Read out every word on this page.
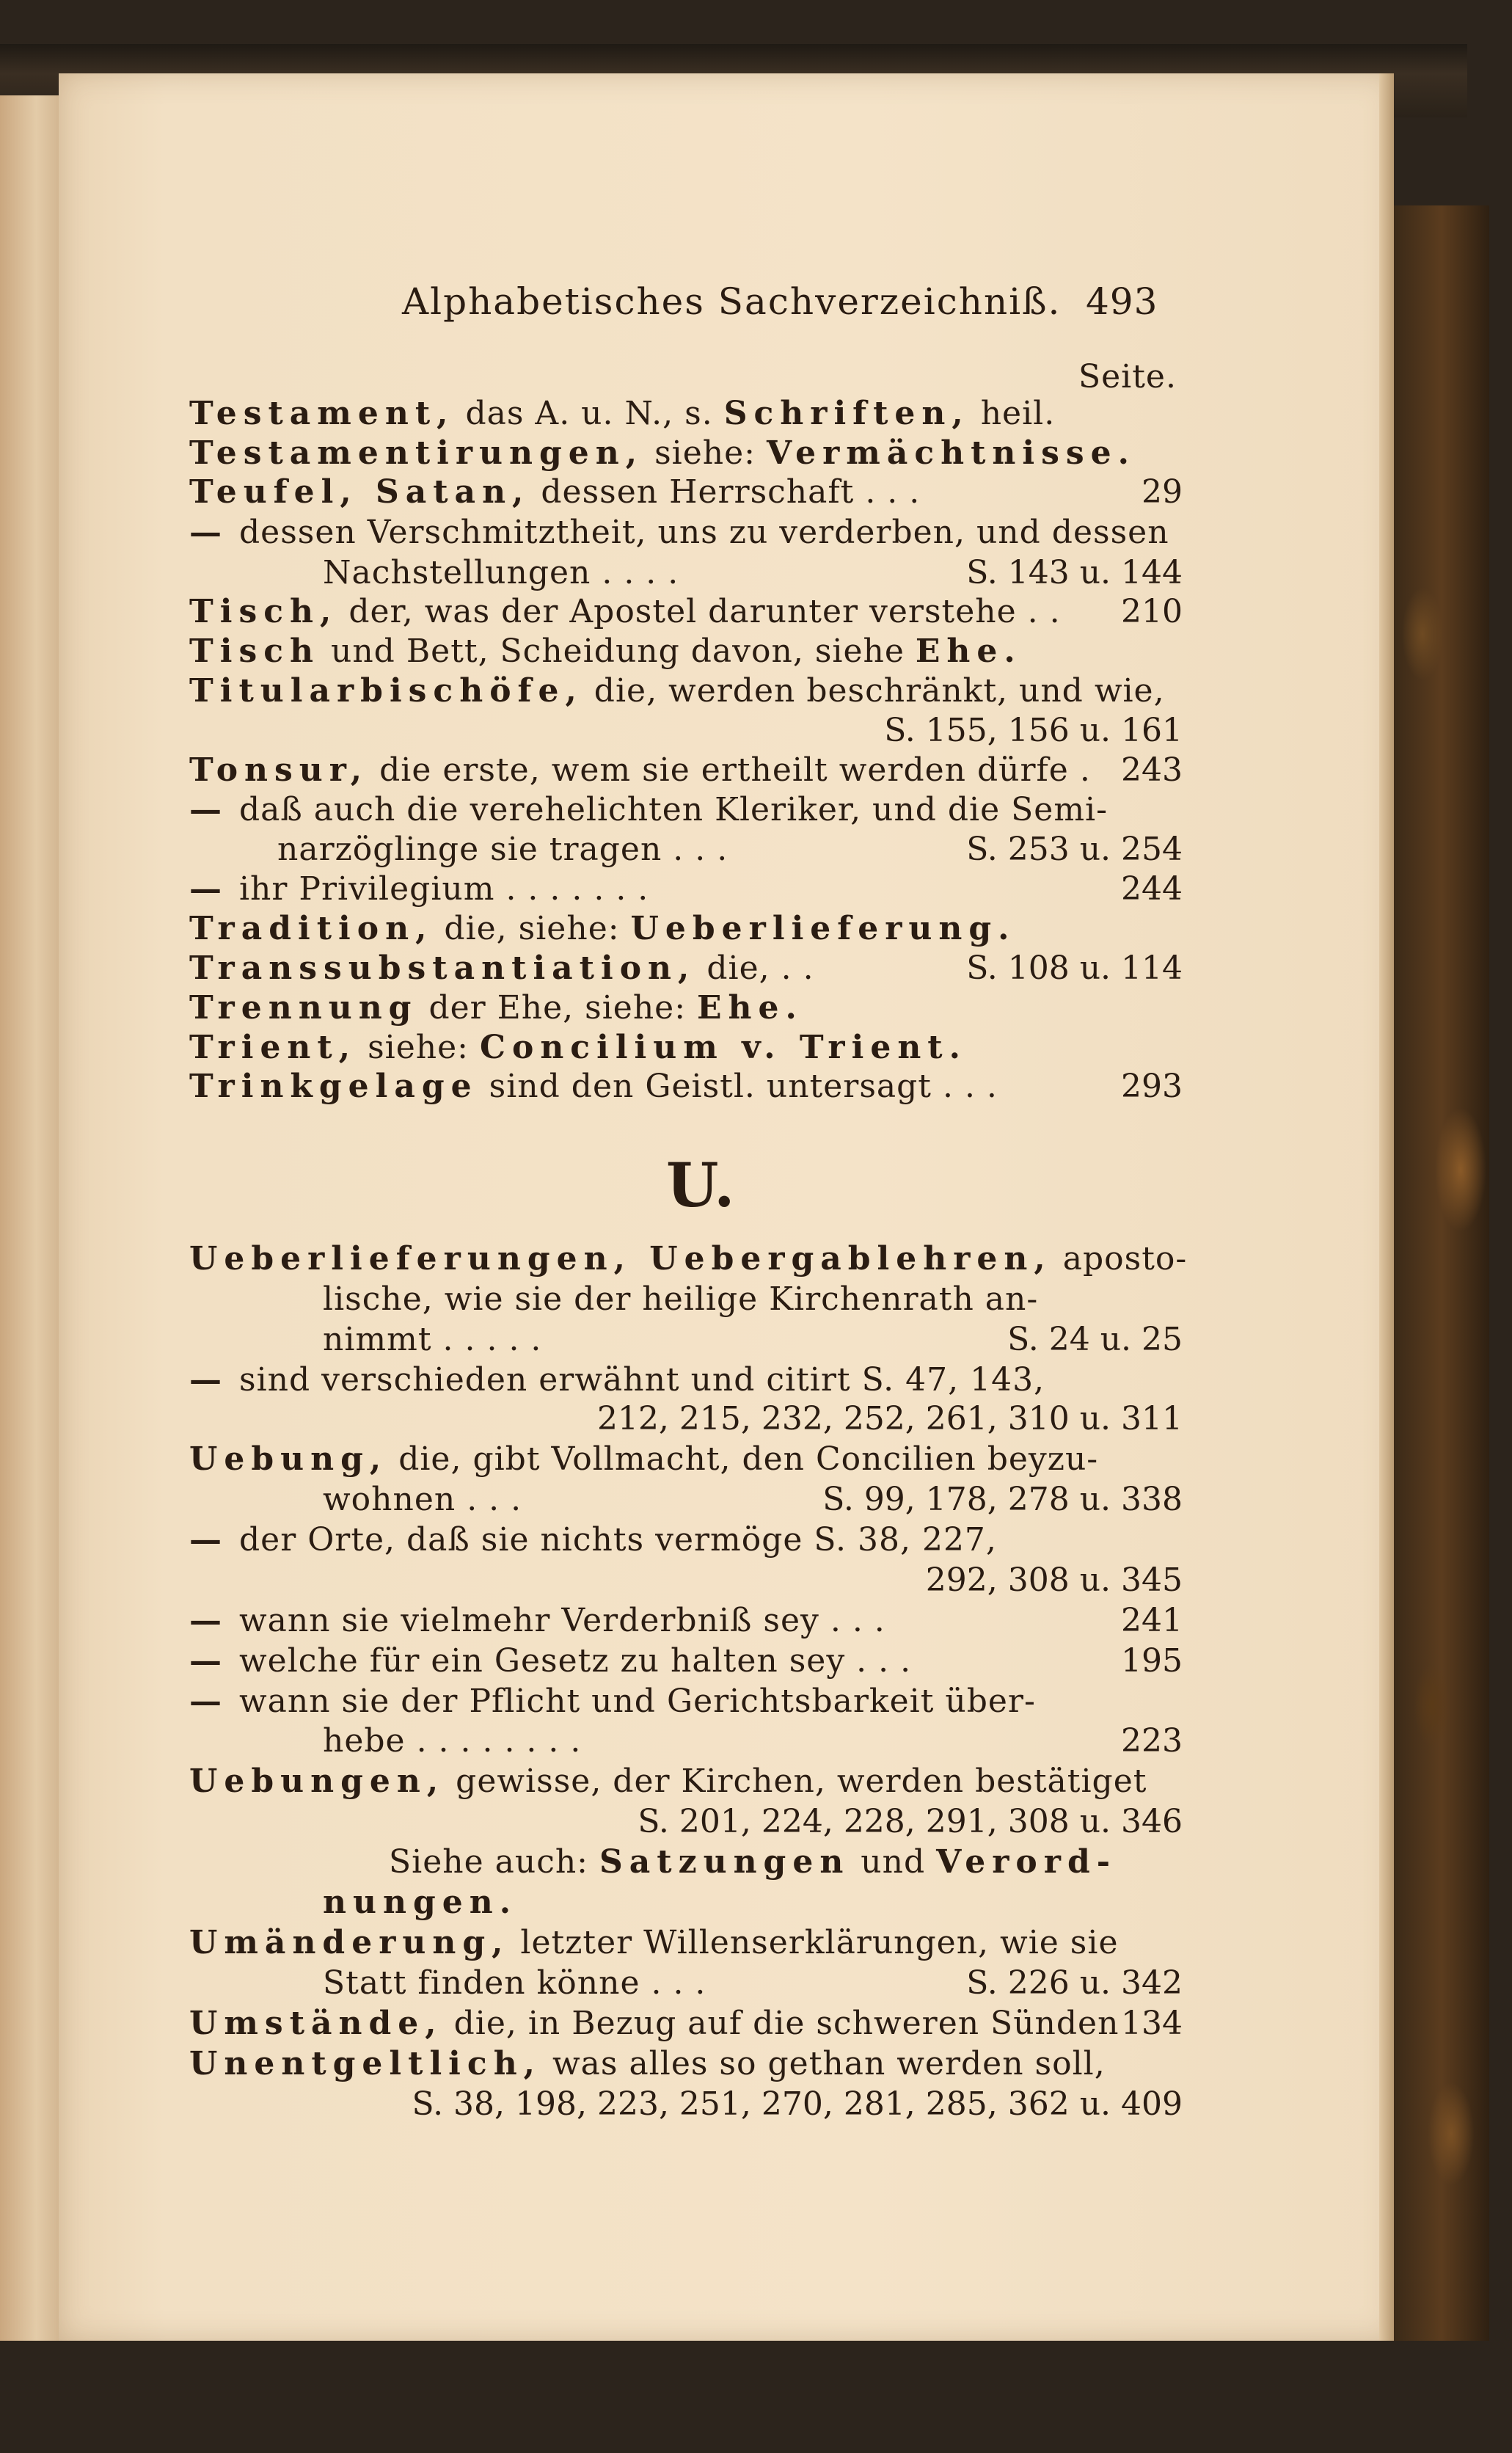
Alphabetisches Sachverzeichniß. 493
Seite.
Testament, das A. u. N., s. Schriften, heil.
Testamentirungen, siehe: Vermächtnisse.
Teufel, Satan, dessen Herrschaft . . .	29
— dessen Verschmitztheit, uns zu verderben, und dessen
Nachstellungen . . . .	S. 143 u. 144
Tisch, der, was der Apostel darunter verstehe . . 210
Tisch und Bett, Scheidung davon, siehe Ehe.
Titularbischöfe, die, werden beschränkt, und wie,
S. 155, 156 u. 161
Tonsur, die erste, wem sie ertheilt werden dürfe . 243
— daß auch die verehelichten Kleriker, und die Semi-
narzöglinge sie tragen . . .	S. 253 u. 254
— ihr Privilegium . . . . . . .	244
Tradition, die, siehe: Ueberlieferung.
Transsubstantiation, die, . .	S. 108 u. 114
Trennung der Ehe, siehe: Ehe.
Trient, siehe: Concilium v. Trient.
Trinkgelage sind den Geistl. untersagt . . .	293
U.
Ueberlieferungen, Uebergablehren, aposto-
lische, wie sie der heilige Kirchenrath an-
nimmt . . . . .	S. 24 u. 25
— sind verschieden erwähnt und citirt S. 47, 143,
212, 215, 232, 252, 261, 310 u. 311
Uebung, die, gibt Vollmacht, den Concilien beyzu-
wohnen . . .	S. 99, 178, 278 u. 338
— der Orte, daß sie nichts vermöge S. 38, 227,
292, 308 u. 345
— wann sie vielmehr Verderbniß sey . . .	241
— welche für ein Gesetz zu halten sey . . .	195
— wann sie der Pflicht und Gerichtsbarkeit über-
hebe . . . . . . . .	223
Uebungen, gewisse, der Kirchen, werden bestätiget
S. 201, 224, 228, 291, 308 u. 346
Siehe auch: Satzungen und Verord-
nungen.
Umänderung, letzter Willenserklärungen, wie sie
Statt finden könne . . .	S. 226 u. 342
Umstände, die, in Bezug auf die schweren Sünden 134
Unentgeltlich, was alles so gethan werden soll,
S. 38, 198, 223, 251, 270, 281, 285, 362 u. 409
